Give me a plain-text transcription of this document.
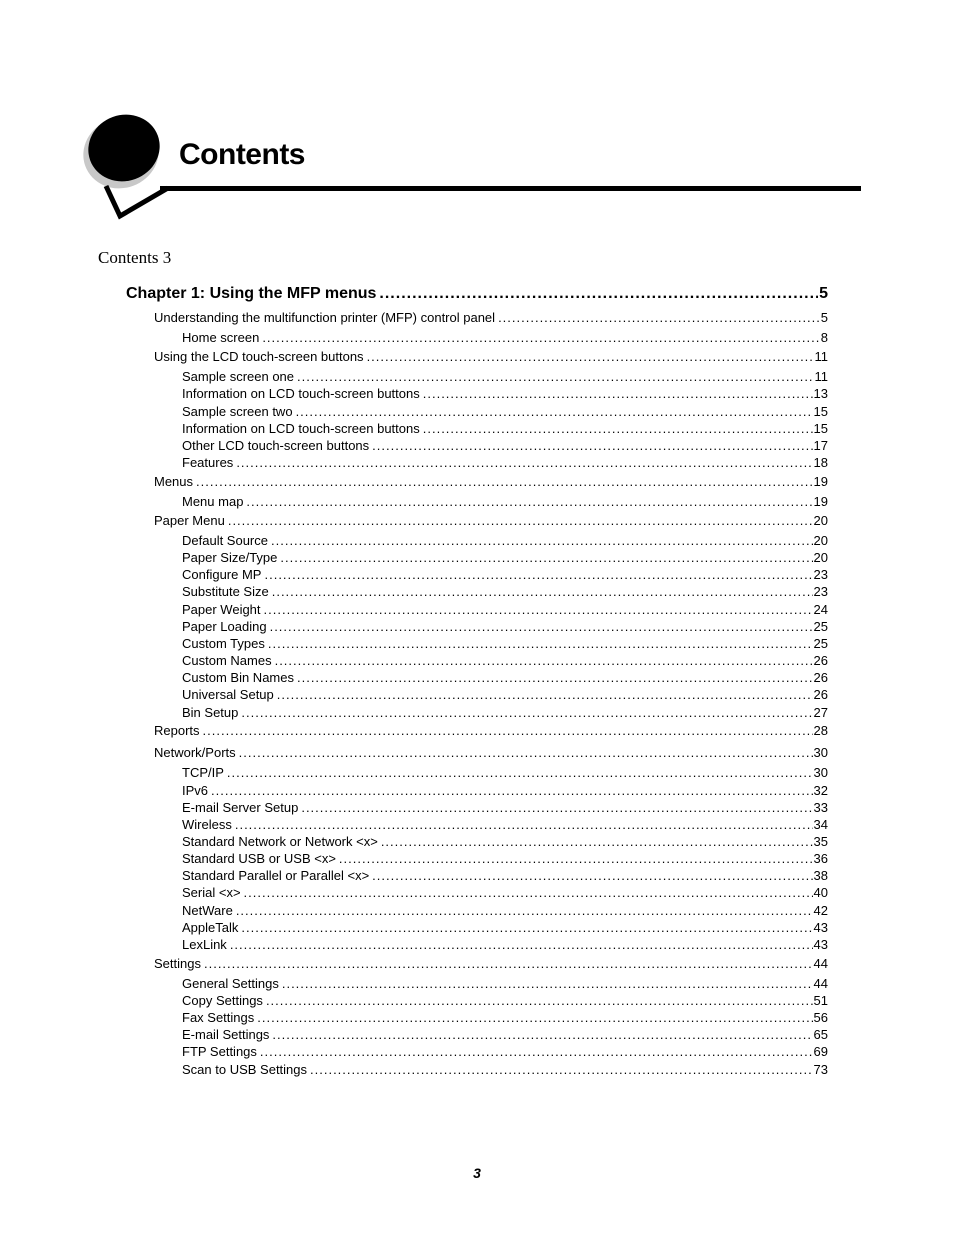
Contents
Contents 3
Chapter 1: Using the MFP menus .....	5
Understanding the multifunction printer (MFP) control panel .....	5
Home screen .....	8
Using the LCD touch-screen buttons .....	11
Sample screen one .....	11
Information on LCD touch-screen buttons .....	13
Sample screen two .....	15
Information on LCD touch-screen buttons .....	15
Other LCD touch-screen buttons .....	17
Features .....	18
Menus .....	19
Menu map .....	19
Paper Menu .....	20
Default Source .....	20
Paper Size/Type .....	20
Configure MP .....	23
Substitute Size .....	23
Paper Weight .....	24
Paper Loading .....	25
Custom Types .....	25
Custom Names .....	26
Custom Bin Names .....	26
Universal Setup .....	26
Bin Setup .....	27
Reports .....	28
Network/Ports .....	30
TCP/IP .....	30
IPv6 .....	32
E-mail Server Setup .....	33
Wireless .....	34
Standard Network or Network <x> .....	35
Standard USB or USB <x> .....	36
Standard Parallel or Parallel <x> .....	38
Serial <x> .....	40
NetWare .....	42
AppleTalk .....	43
LexLink .....	43
Settings .....	44
General Settings .....	44
Copy Settings .....	51
Fax Settings .....	56
E-mail Settings .....	65
FTP Settings .....	69
Scan to USB Settings .....	73
3
